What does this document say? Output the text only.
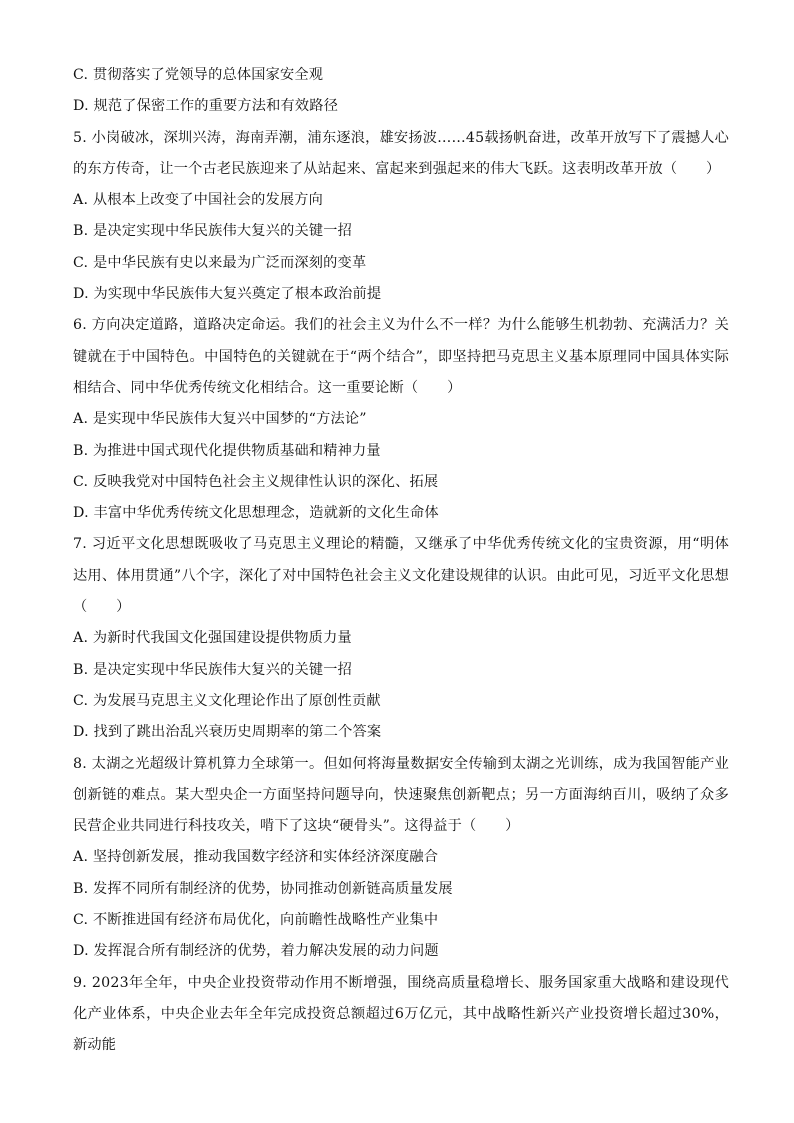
C. 贯彻落实了党领导的总体国家安全观
D. 规范了保密工作的重要方法和有效路径
5. 小岗破冰，深圳兴涛，海南弄潮，浦东逐浪，雄安扬波……45载扬帆奋进，改革开放写下了震撼人心的东方传奇，让一个古老民族迎来了从站起来、富起来到强起来的伟大飞跃。这表明改革开放（　　）
A. 从根本上改变了中国社会的发展方向
B. 是决定实现中华民族伟大复兴的关键一招
C. 是中华民族有史以来最为广泛而深刻的变革
D. 为实现中华民族伟大复兴奠定了根本政治前提
6. 方向决定道路，道路决定命运。我们的社会主义为什么不一样？为什么能够生机勃勃、充满活力？关键就在于中国特色。中国特色的关键就在于“两个结合”，即坚持把马克思主义基本原理同中国具体实际相结合、同中华优秀传统文化相结合。这一重要论断（　　）
A. 是实现中华民族伟大复兴中国梦的“方法论”
B. 为推进中国式现代化提供物质基础和精神力量
C. 反映我党对中国特色社会主义规律性认识的深化、拓展
D. 丰富中华优秀传统文化思想理念，造就新的文化生命体
7. 习近平文化思想既吸收了马克思主义理论的精髓，又继承了中华优秀传统文化的宝贵资源，用“明体达用、体用贯通”八个字，深化了对中国特色社会主义文化建设规律的认识。由此可见，习近平文化思想（　　）
A. 为新时代我国文化强国建设提供物质力量
B. 是决定实现中华民族伟大复兴的关键一招
C. 为发展马克思主义文化理论作出了原创性贡献
D. 找到了跳出治乱兴衰历史周期率的第二个答案
8. 太湖之光超级计算机算力全球第一。但如何将海量数据安全传输到太湖之光训练，成为我国智能产业创新链的难点。某大型央企一方面坚持问题导向，快速聚焦创新靶点；另一方面海纳百川，吸纳了众多民营企业共同进行科技攻关，啃下了这块“硬骨头”。这得益于（　　）
A. 坚持创新发展，推动我国数字经济和实体经济深度融合
B. 发挥不同所有制经济的优势，协同推动创新链高质量发展
C. 不断推进国有经济布局优化，向前瞻性战略性产业集中
D. 发挥混合所有制经济的优势，着力解决发展的动力问题
9. 2023年全年，中央企业投资带动作用不断增强，围绕高质量稳增长、服务国家重大战略和建设现代化产业体系，中央企业去年全年完成投资总额超过6万亿元，其中战略性新兴产业投资增长超过30%，新动能
